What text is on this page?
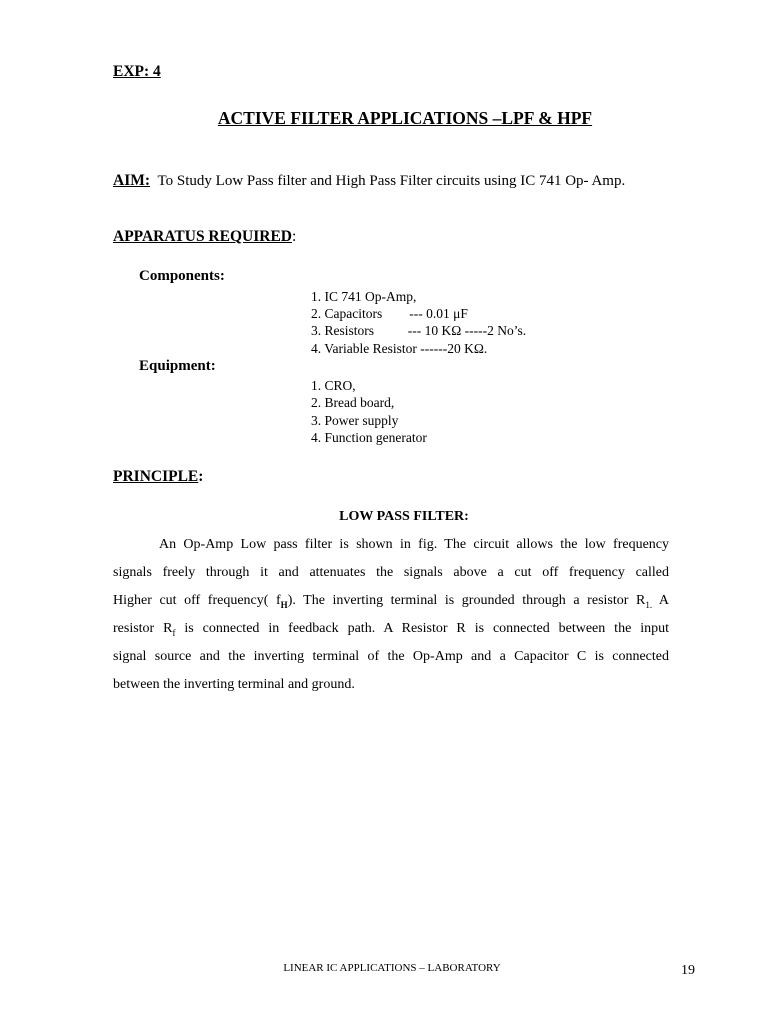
EXP: 4
ACTIVE FILTER APPLICATIONS –LPF & HPF
AIM: To Study Low Pass filter and High Pass Filter circuits using IC 741 Op- Amp.
APPARATUS REQUIRED:
Components:
1. IC 741 Op-Amp,
2. Capacitors        --- 0.01 μF
3. Resistors          --- 10 KΩ -----2 No’s.
4. Variable Resistor ------20 KΩ.
Equipment:
1. CRO,
2. Bread board,
3. Power supply
4. Function generator
PRINCIPLE:
LOW PASS FILTER:
An Op-Amp Low pass filter is shown in fig. The circuit allows the low frequency
signals freely through it and attenuates the signals above a cut off frequency called
Higher cut off frequency( $f_H$). The inverting terminal is grounded through a resistor $R_{1.}$ A
resistor $R_f$ is connected in feedback path. A Resistor R is connected between the input
signal source and the inverting terminal of the Op-Amp and a Capacitor C is connected
between the inverting terminal and ground.
LINEAR IC APPLICATIONS – LABORATORY	19
